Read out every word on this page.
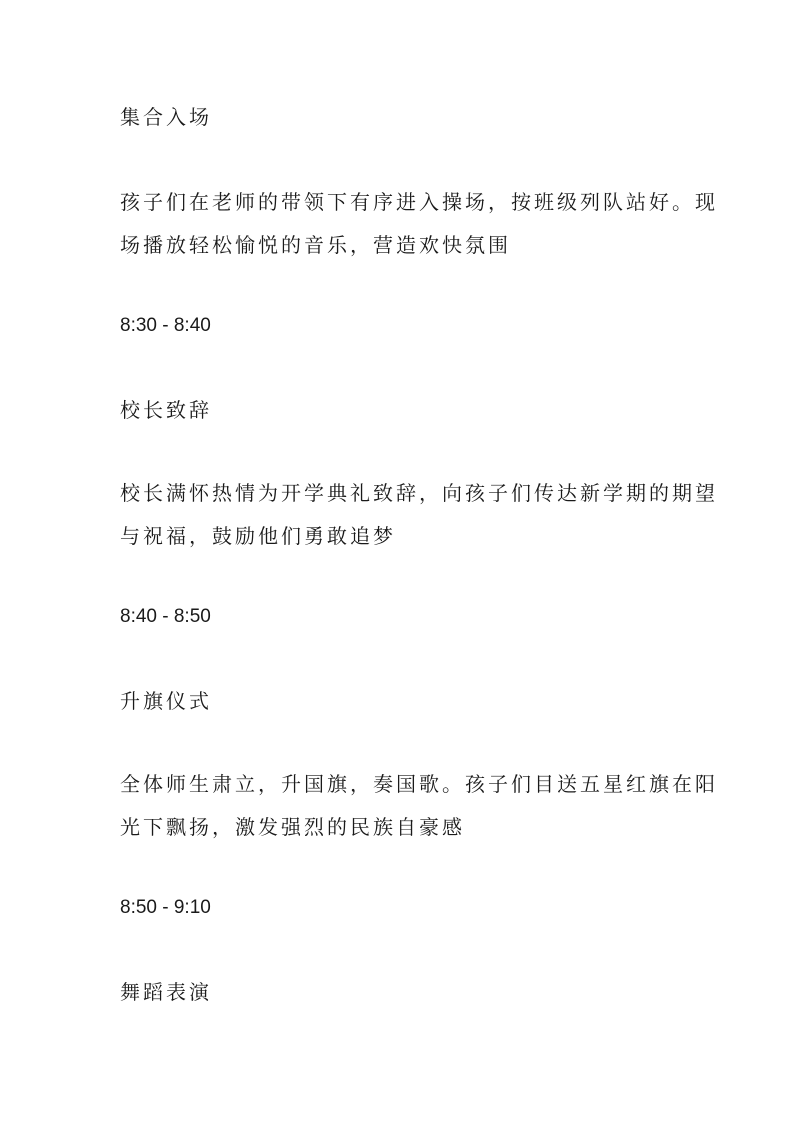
集合入场

孩子们在老师的带领下有序进入操场，按班级列队站好。现

场播放轻松愉悦的音乐，营造欢快氛围

8:30 - 8:40

校长致辞

校长满怀热情为开学典礼致辞，向孩子们传达新学期的期望

与祝福，鼓励他们勇敢追梦

8:40 - 8:50

升旗仪式

全体师生肃立，升国旗，奏国歌。孩子们目送五星红旗在阳

光下飘扬，激发强烈的民族自豪感

8:50 - 9:10

舞蹈表演
